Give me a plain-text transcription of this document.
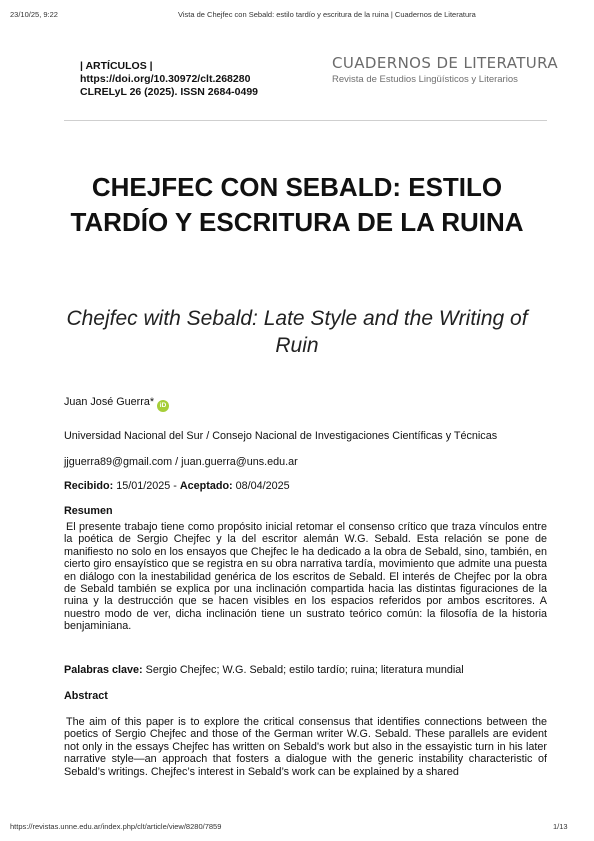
23/10/25, 9:22	Vista de Chejfec con Sebald: estilo tardío y escritura de la ruina | Cuadernos de Literatura
| ARTÍCULOS |
https://doi.org/10.30972/clt.268280
CLRELyL 26 (2025). ISSN 2684-0499
CUADERNOS DE LITERATURA
Revista de Estudios Lingüísticos y Literarios
CHEJFEC CON SEBALD: ESTILO TARDÍO Y ESCRITURA DE LA RUINA
Chejfec with Sebald: Late Style and the Writing of Ruin
Juan José Guerra* iD
Universidad Nacional del Sur / Consejo Nacional de Investigaciones Científicas y Técnicas
jjguerra89@gmail.com / juan.guerra@uns.edu.ar
Recibido: 15/01/2025 - Aceptado: 08/04/2025
Resumen
El presente trabajo tiene como propósito inicial retomar el consenso crítico que traza vínculos entre la poética de Sergio Chejfec y la del escritor alemán W.G. Sebald. Esta relación se pone de manifiesto no solo en los ensayos que Chejfec le ha dedicado a la obra de Sebald, sino, también, en cierto giro ensayístico que se registra en su obra narrativa tardía, movimiento que admite una puesta en diálogo con la inestabilidad genérica de los escritos de Sebald. El interés de Chejfec por la obra de Sebald también se explica por una inclinación compartida hacia las distintas figuraciones de la ruina y la destrucción que se hacen visibles en los espacios referidos por ambos escritores. A nuestro modo de ver, dicha inclinación tiene un sustrato teórico común: la filosofía de la historia benjaminiana.
Palabras clave: Sergio Chejfec; W.G. Sebald; estilo tardío; ruina; literatura mundial
Abstract
The aim of this paper is to explore the critical consensus that identifies connections between the poetics of Sergio Chejfec and those of the German writer W.G. Sebald. These parallels are evident not only in the essays Chejfec has written on Sebald's work but also in the essayistic turn in his later narrative style—an approach that fosters a dialogue with the generic instability characteristic of Sebald’s writings. Chejfec’s interest in Sebald’s work can be explained by a shared
https://revistas.unne.edu.ar/index.php/clt/article/view/8280/7859	1/13
